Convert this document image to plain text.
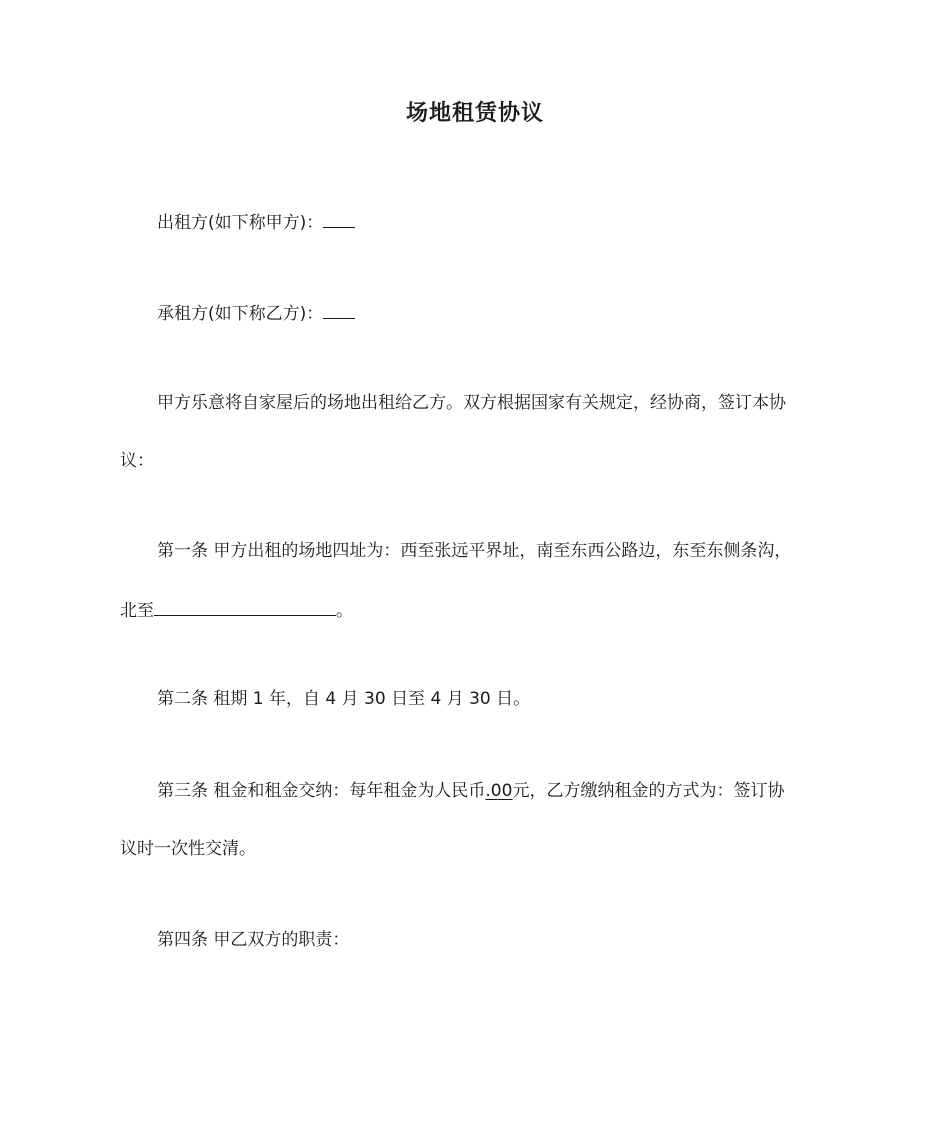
场地租赁协议
出租方(如下称甲方)：
承租方(如下称乙方)：
甲方乐意将自家屋后的场地出租给乙方。双方根据国家有关规定，经协商，签订本协
议：
第一条 甲方出租的场地四址为：西至张远平界址，南至东西公路边，东至东侧条沟，
北至	。
第二条 租期 1 年，自 4 月 30 日至 4 月 30 日。
第三条 租金和租金交纳：每年租金为人民币.00元，乙方缴纳租金的方式为：签订协
议时一次性交清。
第四条 甲乙双方的职责：
